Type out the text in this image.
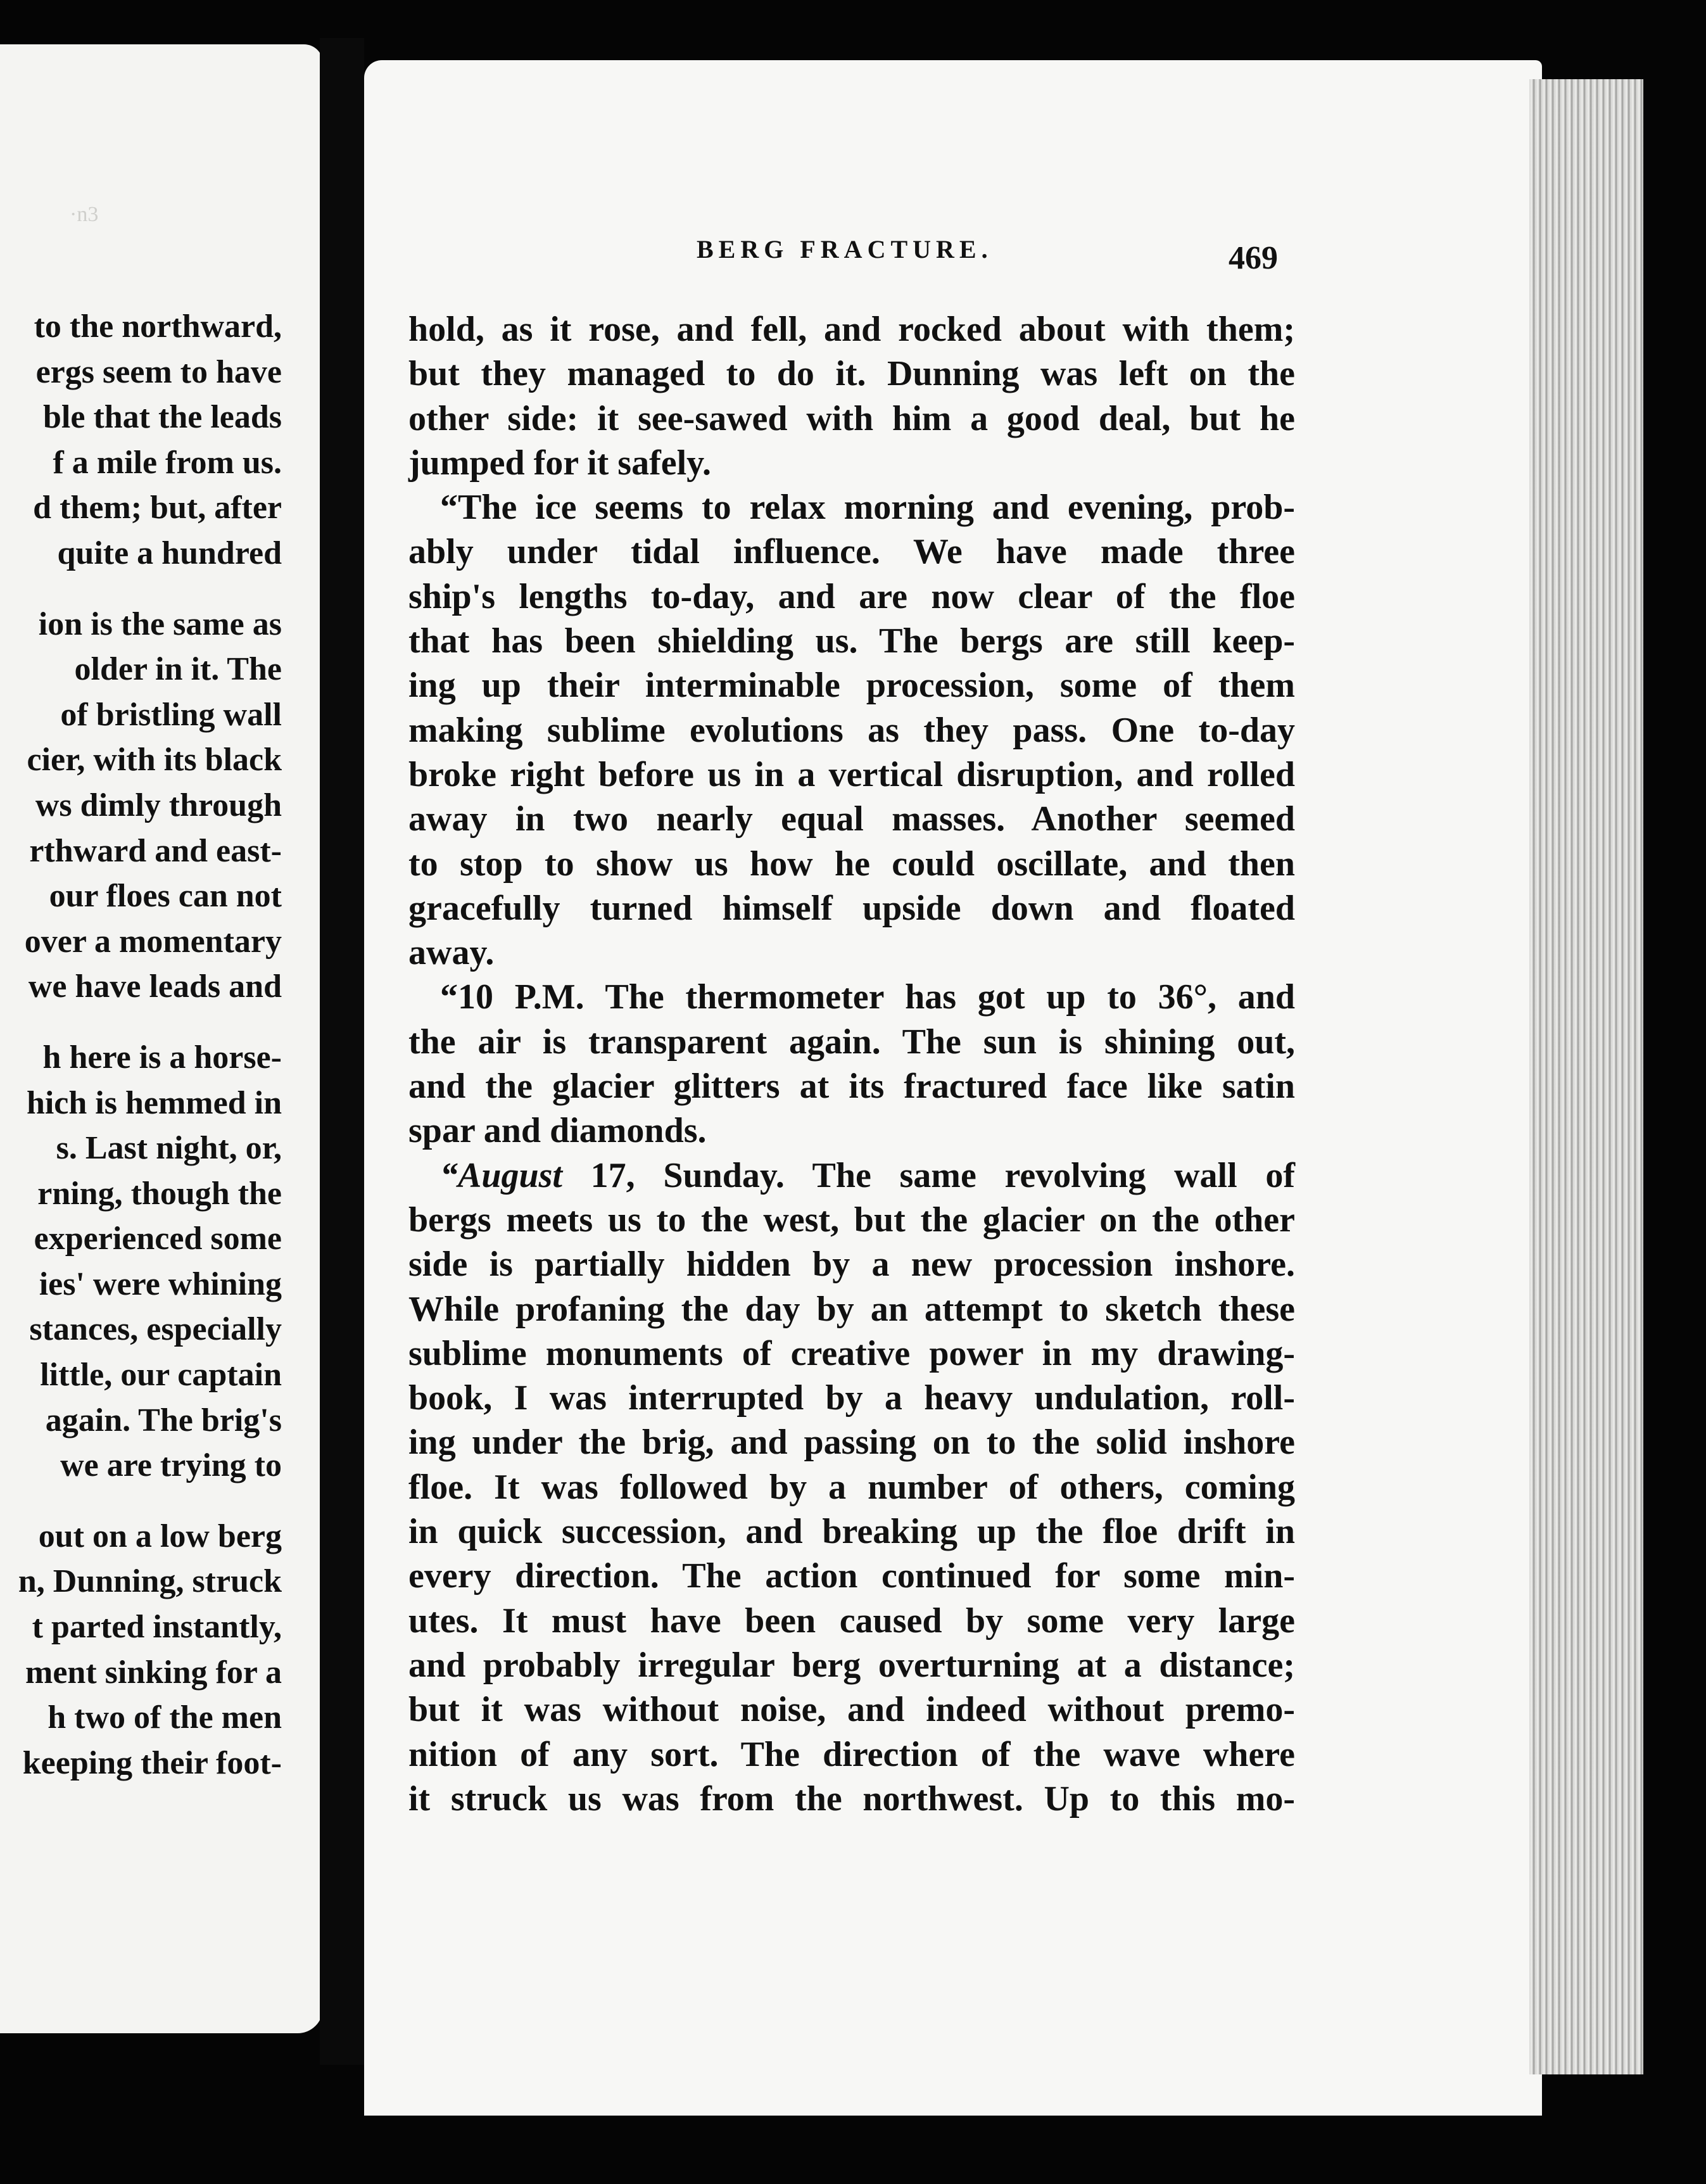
·n3
to the northward,
ergs seem to have
ble that the leads
f a mile from us.
d them; but, after
quite a hundred
ion is the same as
older in it. The
of bristling wall
cier, with its black
ws dimly through
rthward and east-
our floes can not
over a momentary
we have leads and
h here is a horse-
hich is hemmed in
s. Last night, or,
rning, though the
experienced some
ies' were whining
stances, especially
little, our captain
again. The brig's
we are trying to
out on a low berg
n, Dunning, struck
t parted instantly,
ment sinking for a
h two of the men
keeping their foot-
BERG FRACTURE.	469
hold, as it rose, and fell, and rocked about with them;
but they managed to do it. Dunning was left on the
other side: it see-sawed with him a good deal, but he
jumped for it safely.
“The ice seems to relax morning and evening, prob-
ably under tidal influence. We have made three
ship's lengths to-day, and are now clear of the floe
that has been shielding us. The bergs are still keep-
ing up their interminable procession, some of them
making sublime evolutions as they pass. One to-day
broke right before us in a vertical disruption, and rolled
away in two nearly equal masses. Another seemed
to stop to show us how he could oscillate, and then
gracefully turned himself upside down and floated
away.
“10 P.M. The thermometer has got up to 36°, and
the air is transparent again. The sun is shining out,
and the glacier glitters at its fractured face like satin
spar and diamonds.
“August 17, Sunday. The same revolving wall of
bergs meets us to the west, but the glacier on the other
side is partially hidden by a new procession inshore.
While profaning the day by an attempt to sketch these
sublime monuments of creative power in my drawing-
book, I was interrupted by a heavy undulation, roll-
ing under the brig, and passing on to the solid inshore
floe. It was followed by a number of others, coming
in quick succession, and breaking up the floe drift in
every direction. The action continued for some min-
utes. It must have been caused by some very large
and probably irregular berg overturning at a distance;
but it was without noise, and indeed without premo-
nition of any sort. The direction of the wave where
it struck us was from the northwest. Up to this mo-
